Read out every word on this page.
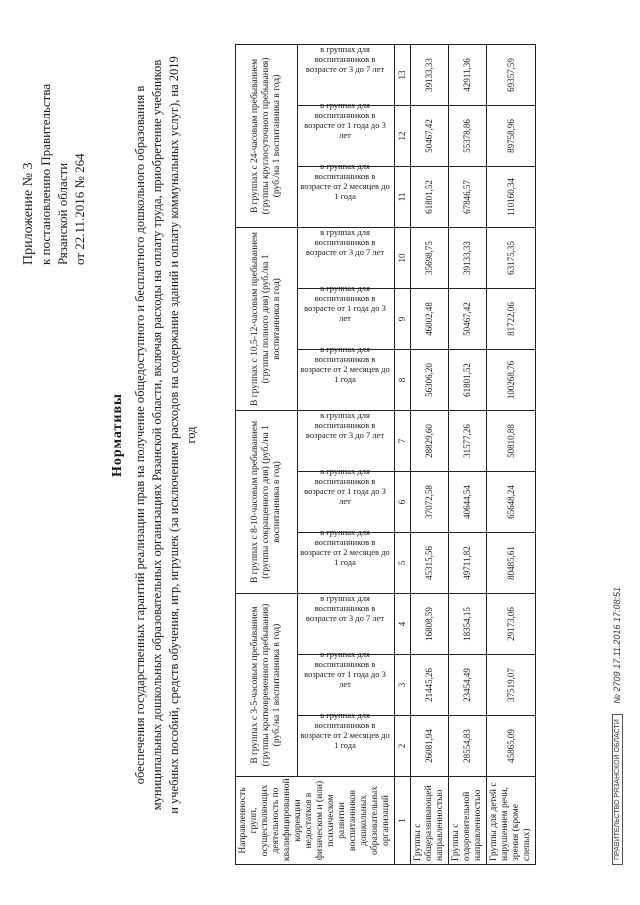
Приложение № 3 к постановлению Правительства Рязанской области от 22.11.2016 № 264
Нормативы обеспечения государственных гарантий реализации прав на получение общедоступного и бесплатного дошкольного образования в муниципальных дошкольных образовательных организациях Рязанской области, включая расходы на оплату труда, приобретение учебников и учебных пособий, средств обучения, игр, игрушек (за исключением расходов на содержание зданий и оплату коммунальных услуг), на 2019 год
Направленность групп, осуществляющих деятельность по квалифицированной коррекции недостатков в физическом и (или) психическом развитии воспитанников дошкольных образовательных организаций	В группах с 3-5-часовым пребыванием (группы кратковременного пребывания) (руб./на 1 воспитанника в год)			В группах с 8-10-часовым пребыванием (группы сокращенного дня) (руб./на 1 воспитанника в год)			В группах с 10,5-12-часовым пребыванием (группы полного дня) (руб./на 1 воспитанника в год)			В группах с 24-часовым пребыванием (группы круглосуточного пребывания) (руб./на 1 воспитанника в год)		
	в группах для воспитанников в возрасте от 2 месяцев до 1 года	в группах для воспитанников в возрасте от 1 года до 3 лет	в группах для воспитанников в возрасте от 3 до 7 лет	в группах для воспитанников в возрасте от 2 месяцев до 1 года	в группах для воспитанников в возрасте от 1 года до 3 лет	в группах для воспитанников в возрасте от 3 до 7 лет	в группах для воспитанников в возрасте от 2 месяцев до 1 года	в группах для воспитанников в возрасте от 1 года до 3 лет	в группах для воспитанников в возрасте от 3 до 7 лет	в группах для воспитанников в возрасте от 2 месяцев до 1 года	в группах для воспитанников в возрасте от 1 года до 3 лет	в группах для воспитанников в возрасте от 3 до 7 лет
1	2	3	4	5	6	7	8	9	10	11	12	13
Группы с общеразвивающей направленностью	26081,94	21445,26	16808,59	45315,56	37072,58	28829,60	56306,20	46002,48	35698,75	61801,52	50467,42	39133,33
Группы с оздоровительной направленностью	28554,83	23454,49	18354,15	49711,82	40644,54	31577,26	61801,52	50467,42	39133,33	67846,57	55378,86	42911,36
Группы для детей с нарушением речи, зрения (кроме слепых)	45865,09	37519,07	29173,06	80485,61	65648,24	50810,88	100268,76	81722,06	63175,35	110160,34	89758,96	69357,59
ПРАВИТЕЛЬСТВО РЯЗАНСКОЙ ОБЛАСТИ № 2709 17.11.2016 17:08:51
